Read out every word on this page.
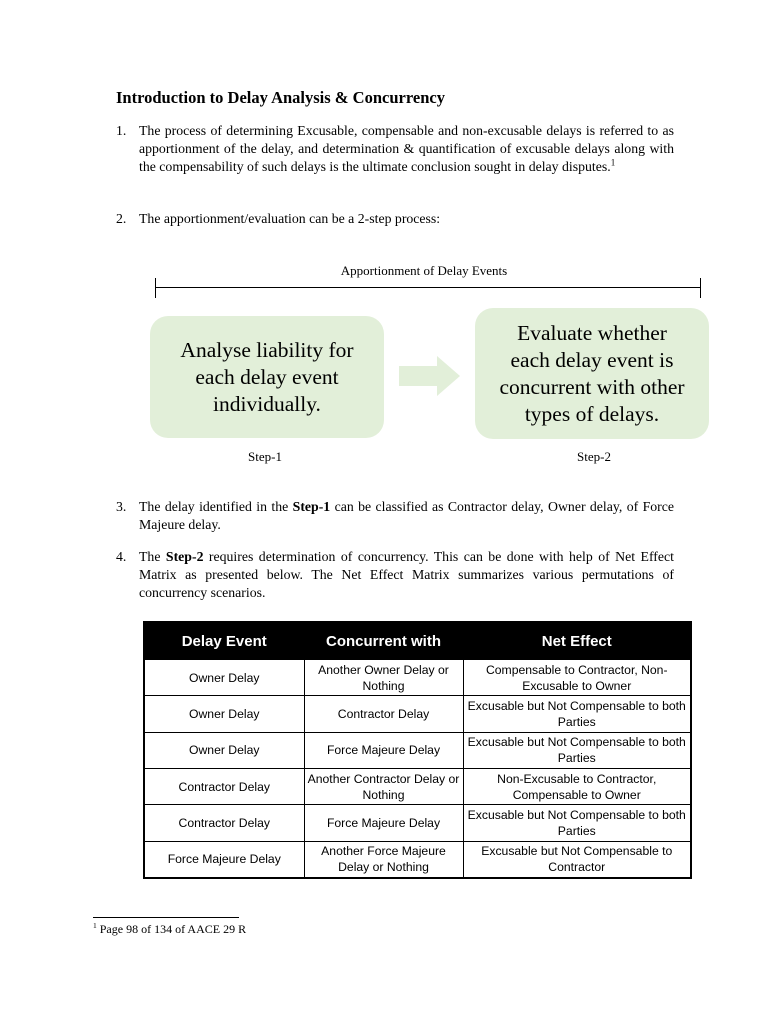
Introduction to Delay Analysis & Concurrency
1. The process of determining Excusable, compensable and non-excusable delays is referred to as apportionment of the delay, and determination & quantification of excusable delays along with the compensability of such delays is the ultimate conclusion sought in delay disputes.$^1$
2. The apportionment/evaluation can be a 2-step process:
Apportionment of Delay Events
Analyse liability for
each delay event
individually.
Evaluate whether
each delay event is
concurrent with other
types of delays.
Step-1	Step-2
3. The delay identified in the Step-1 can be classified as Contractor delay, Owner delay, of Force Majeure delay.
4. The Step-2 requires determination of concurrency. This can be done with help of Net Effect Matrix as presented below. The Net Effect Matrix summarizes various permutations of concurrency scenarios.
Delay Event	Concurrent with	Net Effect
Owner Delay	Another Owner Delay or Nothing	Compensable to Contractor, Non-Excusable to Owner
Owner Delay	Contractor Delay	Excusable but Not Compensable to both Parties
Owner Delay	Force Majeure Delay	Excusable but Not Compensable to both Parties
Contractor Delay	Another Contractor Delay or Nothing	Non-Excusable to Contractor, Compensable to Owner
Contractor Delay	Force Majeure Delay	Excusable but Not Compensable to both Parties
Force Majeure Delay	Another Force Majeure Delay or Nothing	Excusable but Not Compensable to Contractor
$^1$ Page 98 of 134 of AACE 29 R
